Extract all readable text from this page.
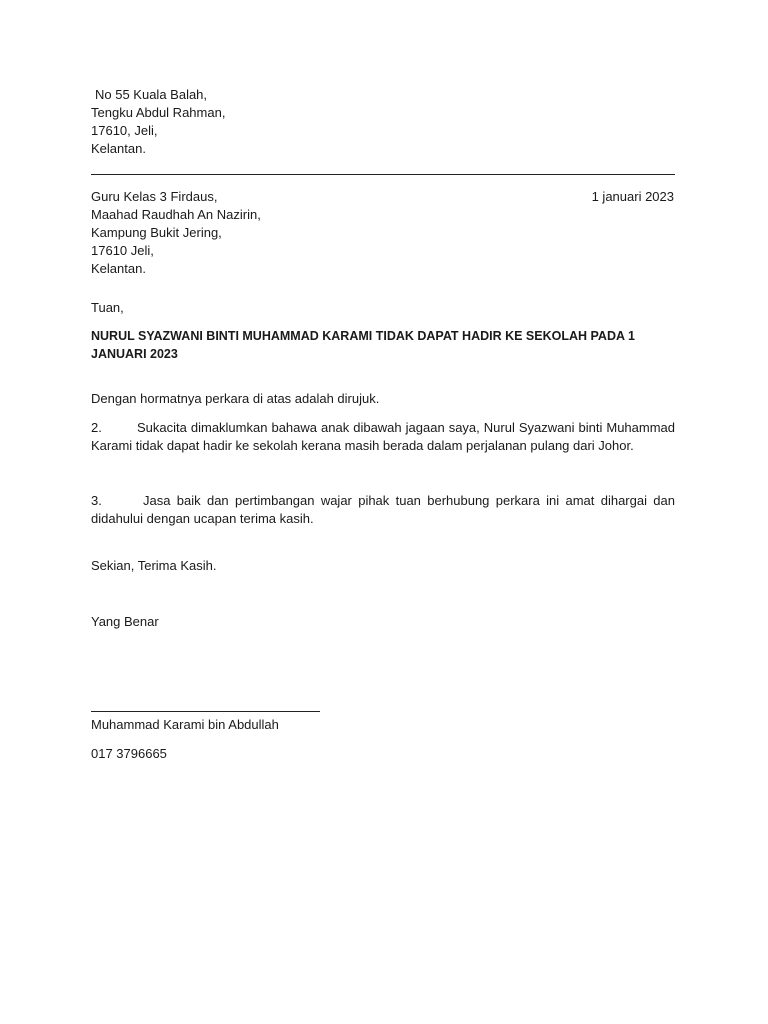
No 55 Kuala Balah,
Tengku Abdul Rahman,
17610, Jeli,
Kelantan.
Guru Kelas 3 Firdaus,
Maahad Raudhah An Nazirin,
Kampung Bukit Jering,
17610 Jeli,
Kelantan.
1 januari 2023
Tuan,
NURUL SYAZWANI BINTI MUHAMMAD KARAMI TIDAK DAPAT HADIR KE SEKOLAH PADA 1 JANUARI 2023
Dengan hormatnya perkara di atas adalah dirujuk.
2.	Sukacita dimaklumkan bahawa anak dibawah jagaan saya, Nurul Syazwani binti Muhammad Karami tidak dapat hadir ke sekolah kerana masih berada dalam perjalanan pulang dari Johor.
3.	Jasa baik dan pertimbangan wajar pihak tuan berhubung perkara ini amat dihargai dan didahului dengan ucapan terima kasih.
Sekian, Terima Kasih.
Yang Benar
Muhammad Karami bin Abdullah
017 3796665
